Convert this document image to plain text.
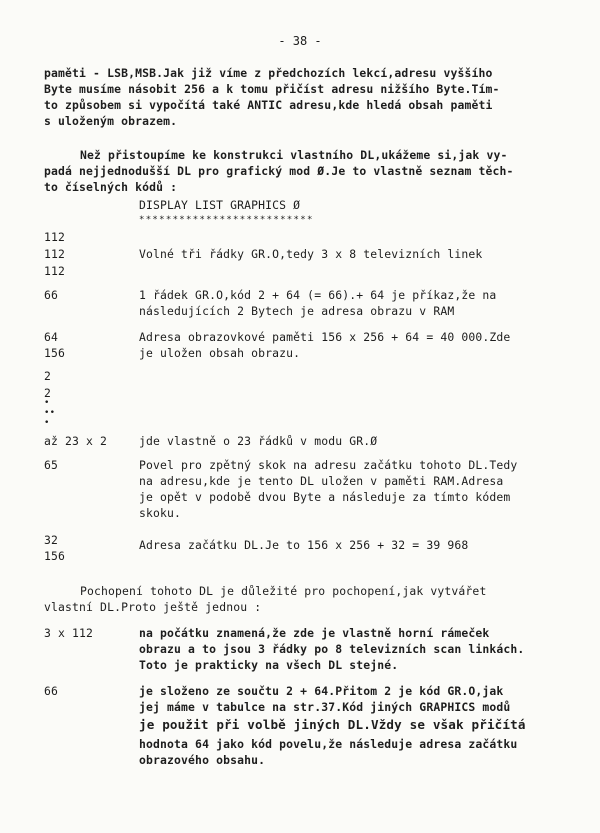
- 38 -
paměti - LSB,MSB.Jak již víme z předchozích lekcí,adresu vyššího
Byte musíme násobit 256 a k tomu přičíst adresu nižšího Byte.Tím-
to způsobem si vypočítá také ANTIC adresu,kde hledá obsah paměti
s uloženým obrazem.
Než přistoupíme ke konstrukci vlastního DL,ukážeme si,jak vy-
padá nejjednodušší DL pro grafický mod Ø.Je to vlastně seznam těch-
to číselných kódů :
DISPLAY LIST GRAPHICS Ø
**************************
112
112	Volné tři řádky GR.O,tedy 3 x 8 televizních linek
112
66	1 řádek GR.O,kód 2 + 64 (= 66).+ 64 je příkaz,že na
následujících 2 Bytech je adresa obrazu v RAM
64	Adresa obrazovkové paměti 156 x 256 + 64 = 40 000.Zde
156	je uložen obsah obrazu.
2
2
•
••
•
až 23 x 2	jde vlastně o 23 řádků v modu GR.Ø
65	Povel pro zpětný skok na adresu začátku tohoto DL.Tedy
na adresu,kde je tento DL uložen v paměti RAM.Adresa
je opět v podobě dvou Byte a následuje za tímto kódem
skoku.
32	Adresa začátku DL.Je to 156 x 256 + 32 = 39 968
156
Pochopení tohoto DL je důležité pro pochopení,jak vytvářet
vlastní DL.Proto ještě jednou :
3 x 112	na počátku znamená,že zde je vlastně horní rámeček
obrazu a to jsou 3 řádky po 8 televizních scan linkách.
Toto je prakticky na všech DL stejné.
66	je složeno ze součtu 2 + 64.Přitom 2 je kód GR.O,jak
jej máme v tabulce na str.37.Kód jiných GRAPHICS modů
je použit při volbě jiných DL.Vždy se však přičítá
hodnota 64 jako kód povelu,že následuje adresa začátku
obrazového obsahu.
